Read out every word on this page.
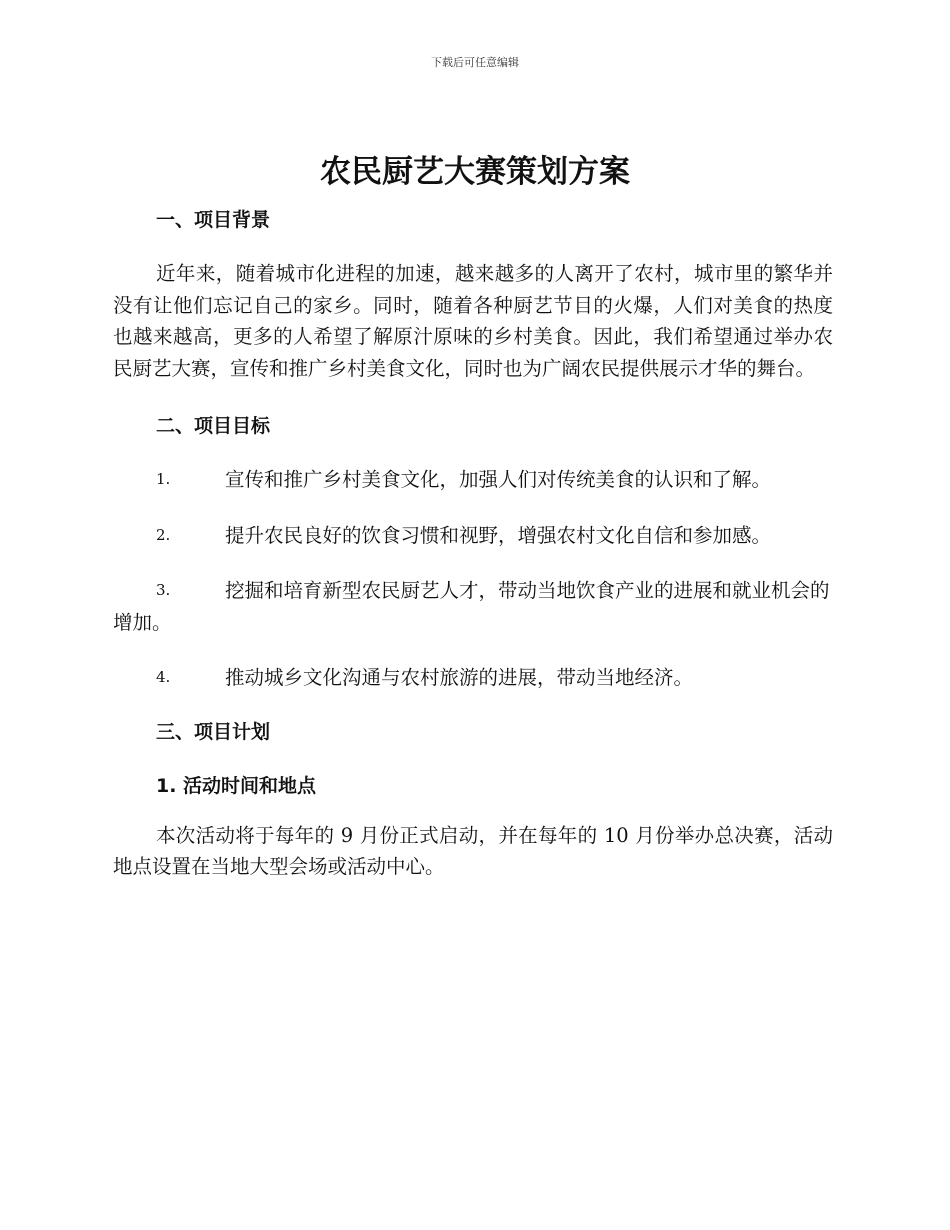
下载后可任意编辑
农民厨艺大赛策划方案
一、项目背景

近年来，随着城市化进程的加速，越来越多的人离开了农村，城市里的繁华并没有让他们忘记自己的家乡。同时，随着各种厨艺节目的火爆，人们对美食的热度也越来越高，更多的人希望了解原汁原味的乡村美食。因此，我们希望通过举办农民厨艺大赛，宣传和推广乡村美食文化，同时也为广阔农民提供展示才华的舞台。

二、项目目标
1.	宣传和推广乡村美食文化，加强人们对传统美食的认识和了解。
2.	提升农民良好的饮食习惯和视野，增强农村文化自信和参加感。
3.	挖掘和培育新型农民厨艺人才，带动当地饮食产业的进展和就业机会的增加。
4.	推动城乡文化沟通与农村旅游的进展，带动当地经济。
三、项目计划
1. 活动时间和地点

本次活动将于每年的 9 月份正式启动，并在每年的 10 月份举办总决赛，活动地点设置在当地大型会场或活动中心。
